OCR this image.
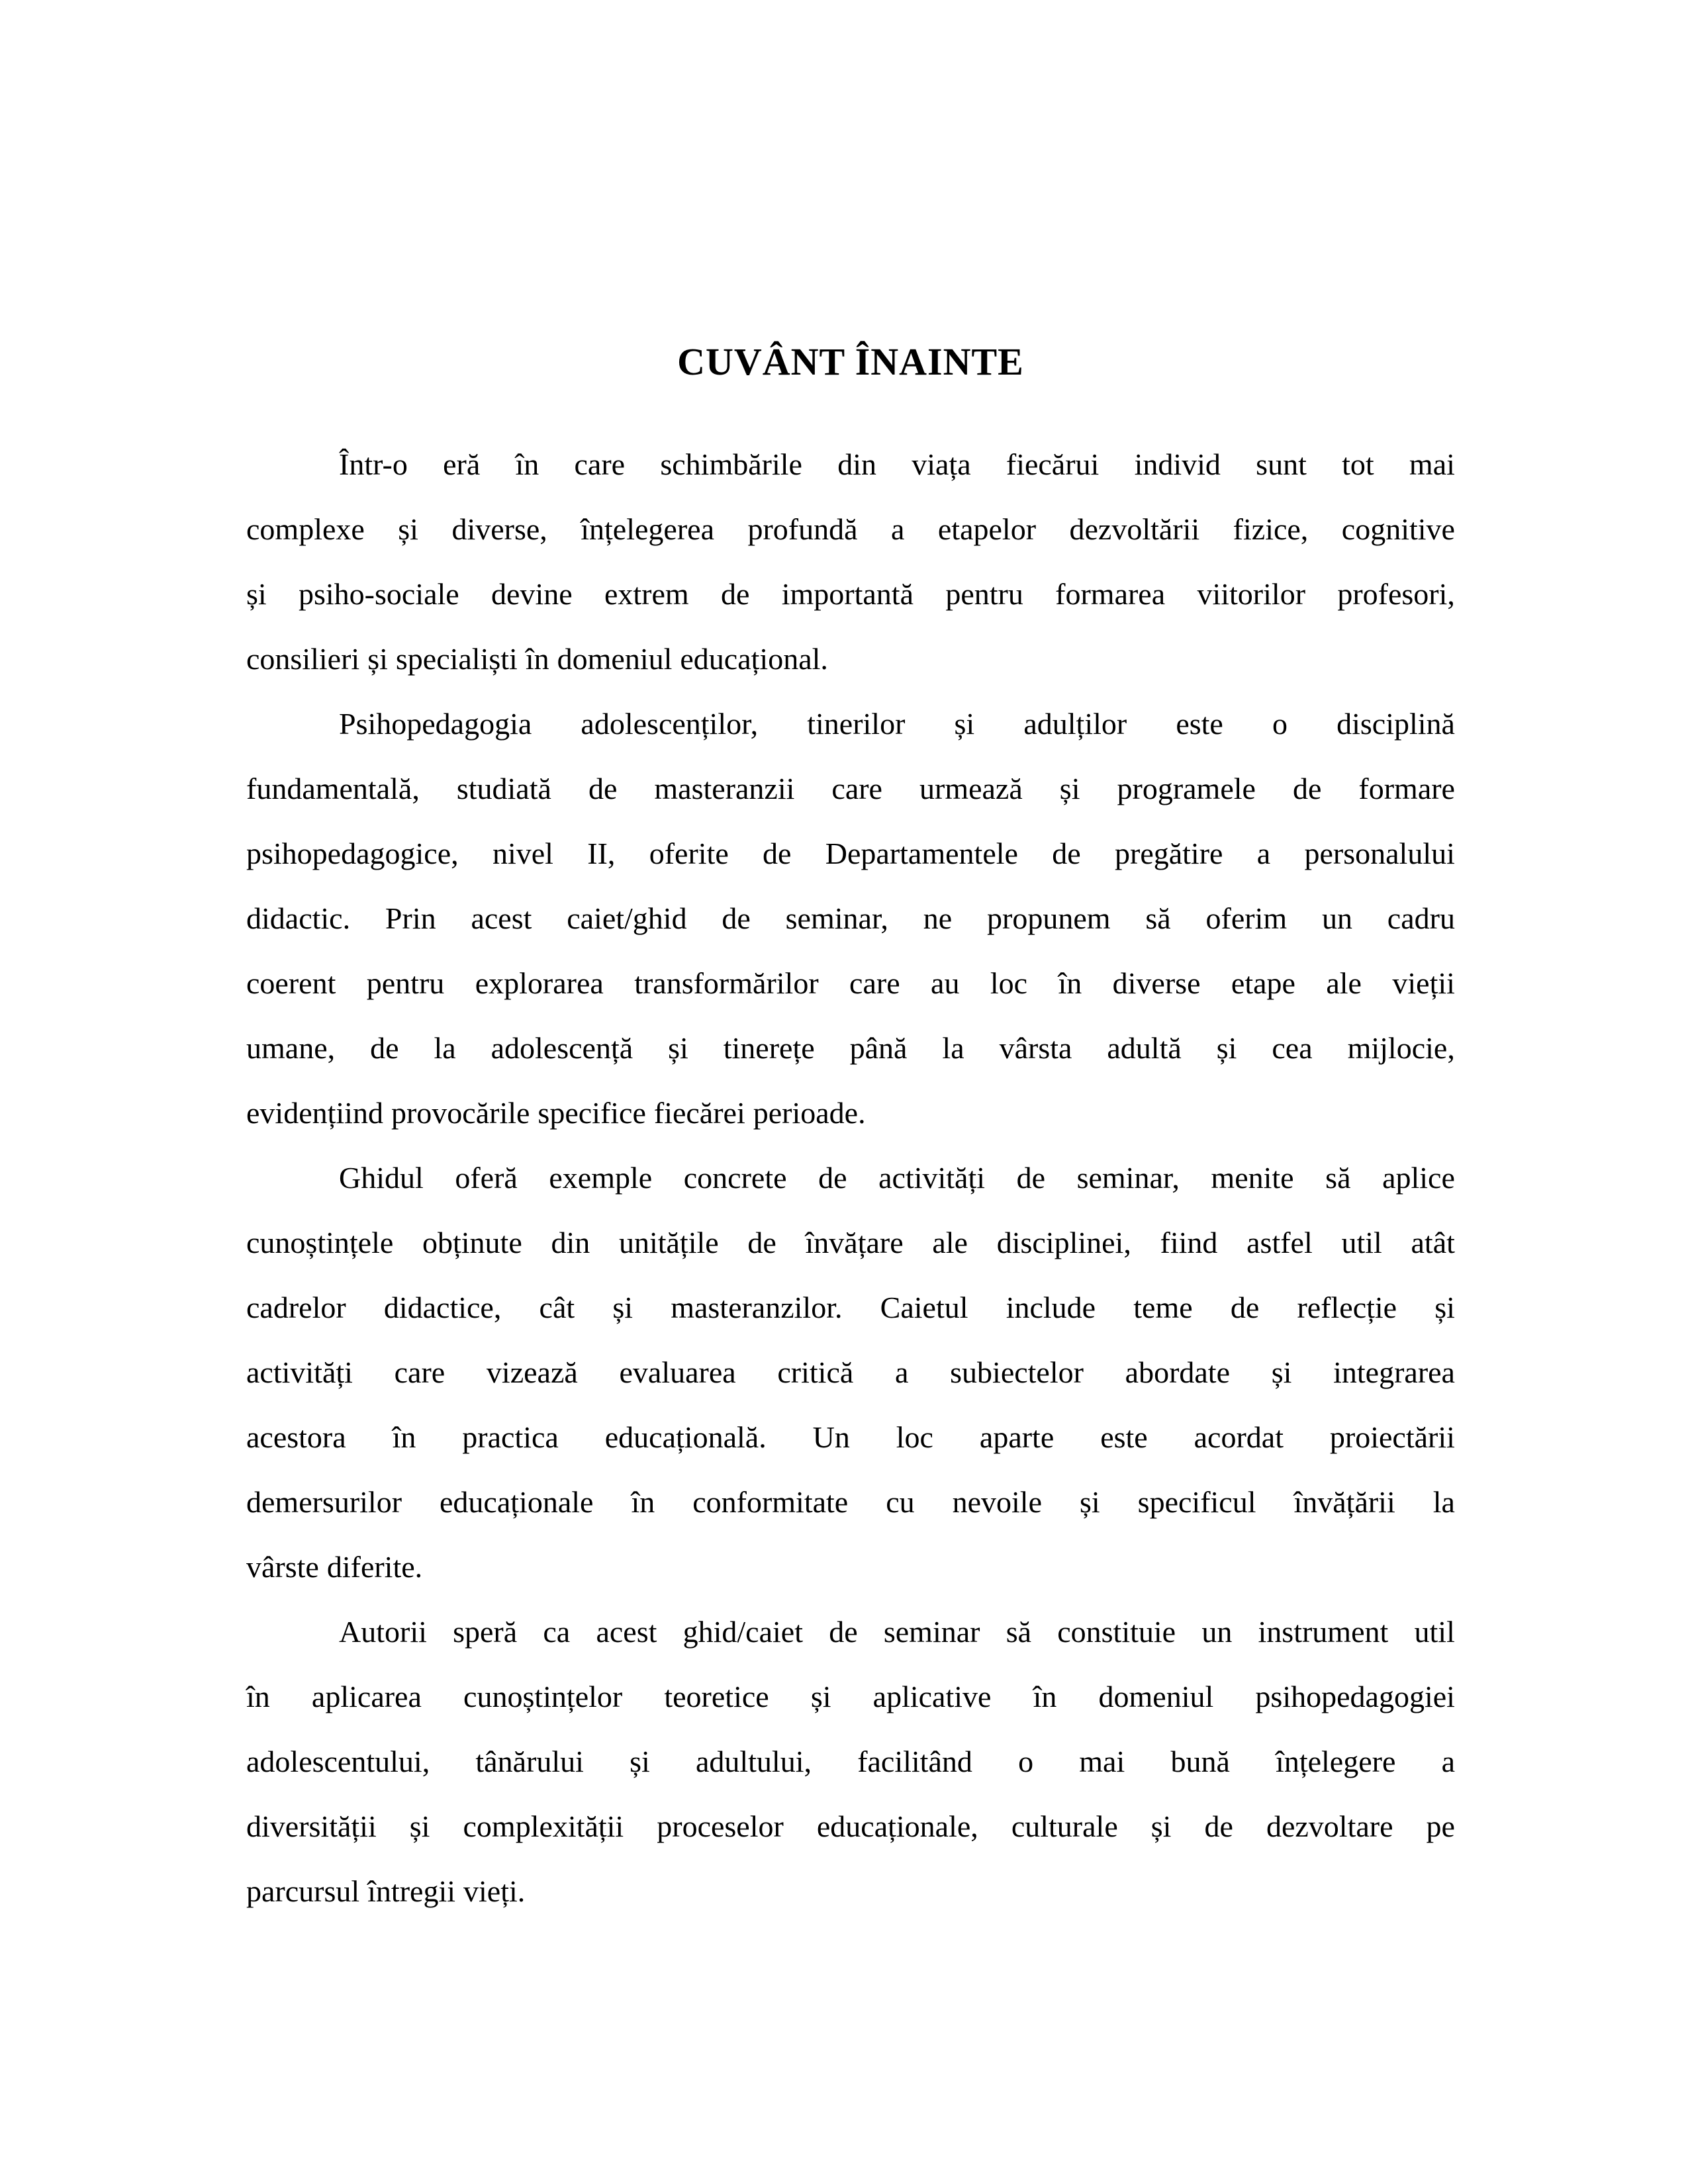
CUVÂNT ÎNAINTE
Într-o eră în care schimbările din viața fiecărui individ sunt tot mai
complexe și diverse, înțelegerea profundă a etapelor dezvoltării fizice, cognitive
și psiho-sociale devine extrem de importantă pentru formarea viitorilor profesori,
consilieri și specialiști în domeniul educațional.
Psihopedagogia adolescenților, tinerilor și adulților este o disciplină
fundamentală, studiată de masteranzii care urmează și programele de formare
psihopedagogice, nivel II, oferite de Departamentele de pregătire a personalului
didactic. Prin acest caiet/ghid de seminar, ne propunem să oferim un cadru
coerent pentru explorarea transformărilor care au loc în diverse etape ale vieții
umane, de la adolescență și tinerețe până la vârsta adultă și cea mijlocie,
evidențiind provocările specifice fiecărei perioade.
Ghidul oferă exemple concrete de activități de seminar, menite să aplice
cunoștințele obținute din unitățile de învățare ale disciplinei, fiind astfel util atât
cadrelor didactice, cât și masteranzilor. Caietul include teme de reflecție și
activități care vizează evaluarea critică a subiectelor abordate și integrarea
acestora în practica educațională. Un loc aparte este acordat proiectării
demersurilor educaționale în conformitate cu nevoile și specificul învățării la
vârste diferite.
Autorii speră ca acest ghid/caiet de seminar să constituie un instrument util
în aplicarea cunoștințelor teoretice și aplicative în domeniul psihopedagogiei
adolescentului, tânărului și adultului, facilitând o mai bună înțelegere a
diversității și complexității proceselor educaționale, culturale și de dezvoltare pe
parcursul întregii vieți.
